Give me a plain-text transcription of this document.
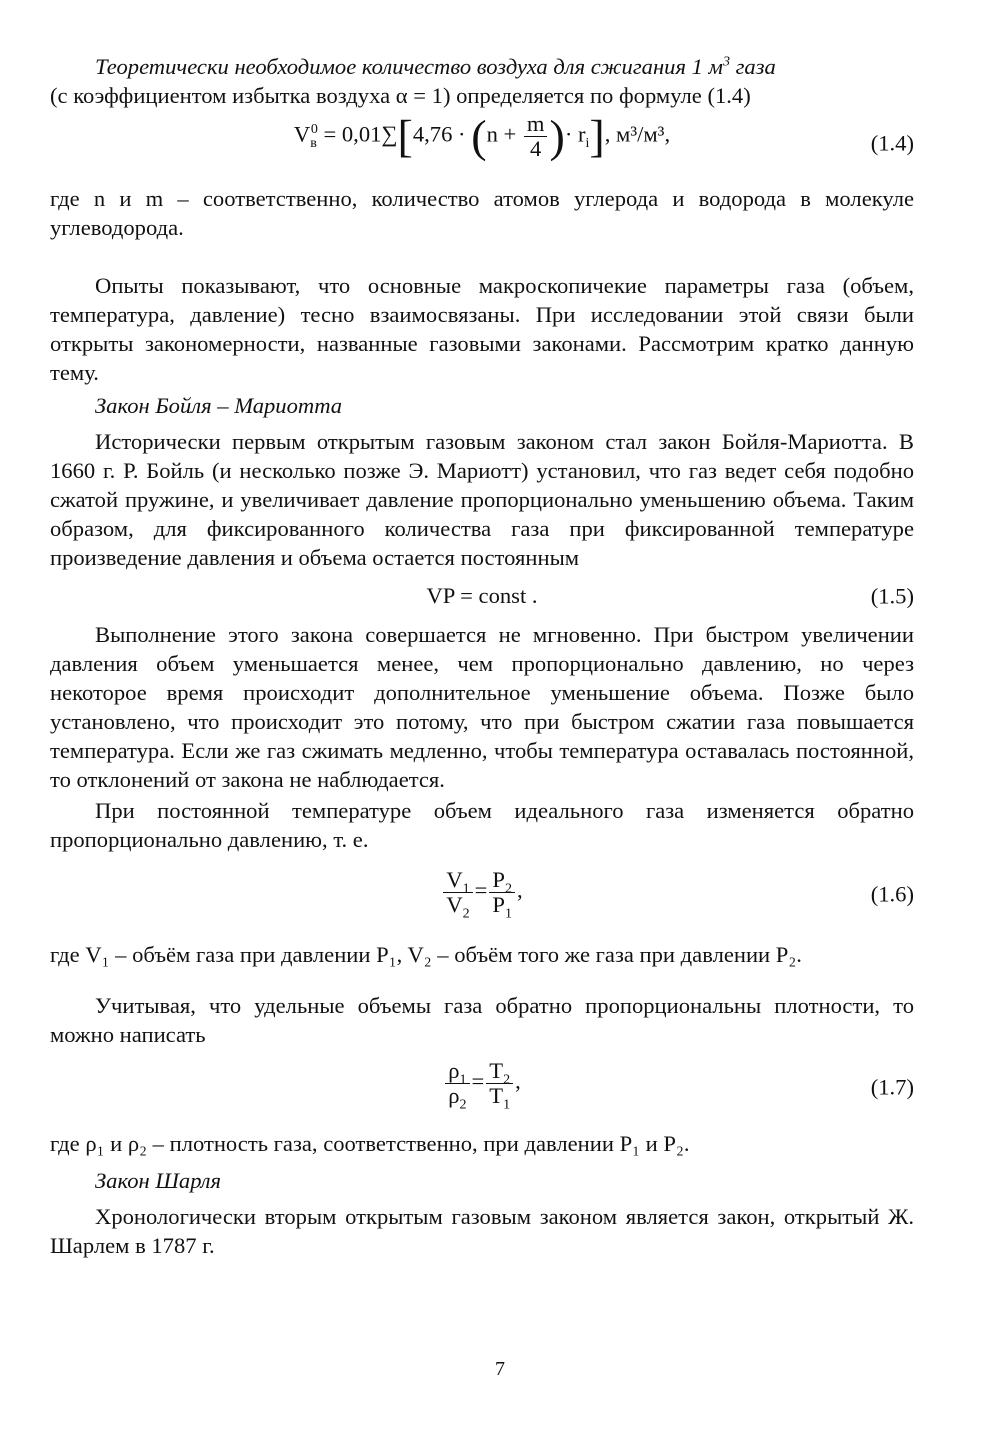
Теоретически необходимое количество воздуха для сжигания 1 $м^3$ газа
(с коэффициентом избытка воздуха α = 1) определяется по формуле (1.4)

$V_в^0 = 0,01\sum[4,76 \cdot (n + \frac{m}{4}$ )· $r_i$], м³/м³,	(1.4)

где n и m – соответственно, количество атомов углерода и водорода в молекуле углеводорода.

Опыты показывают, что основные макроскопичекие параметры газа (объем, температура, давление) тесно взаимосвязаны. При исследовании этой связи были открыты закономерности, названные газовыми законами. Рассмотрим кратко данную тему.

Закон Бойля – Мариотта

Исторически первым открытым газовым законом стал закон Бойля-Мариотта. В 1660 г. Р. Бойль (и несколько позже Э. Мариотт) установил, что газ ведет себя подобно сжатой пружине, и увеличивает давление пропорционально уменьшению объема. Таким образом, для фиксированного количества газа при фиксированной температуре произведение давления и объема остается постоянным

VP = const .	(1.5)

Выполнение этого закона совершается не мгновенно. При быстром увеличении давления объем уменьшается менее, чем пропорционально давлению, но через некоторое время происходит дополнительное уменьшение объема. Позже было установлено, что происходит это потому, что при быстром сжатии газа повышается температура. Если же газ сжимать медленно, чтобы температура оставалась постоянной, то отклонений от закона не наблюдается.

При постоянной температуре объем идеального газа изменяется обратно пропорционально давлению, т. е.

$\frac{V_1}{V_2} = \frac{P_2}{P_1}$ ,	(1.6)

где V₁ – объём газа при давлении P₁, V₂ – объём того же газа при давлении P₂.

Учитывая, что удельные объемы газа обратно пропорциональны плотности, то можно написать

$\frac{\rho_1}{\rho_2} = \frac{T_2}{T_1}$ ,	(1.7)

где ρ₁ и ρ₂ – плотность газа, соответственно, при давлении P₁ и P₂.

Закон Шарля

Хронологически вторым открытым газовым законом является закон, открытый Ж. Шарлем в 1787 г.

7
